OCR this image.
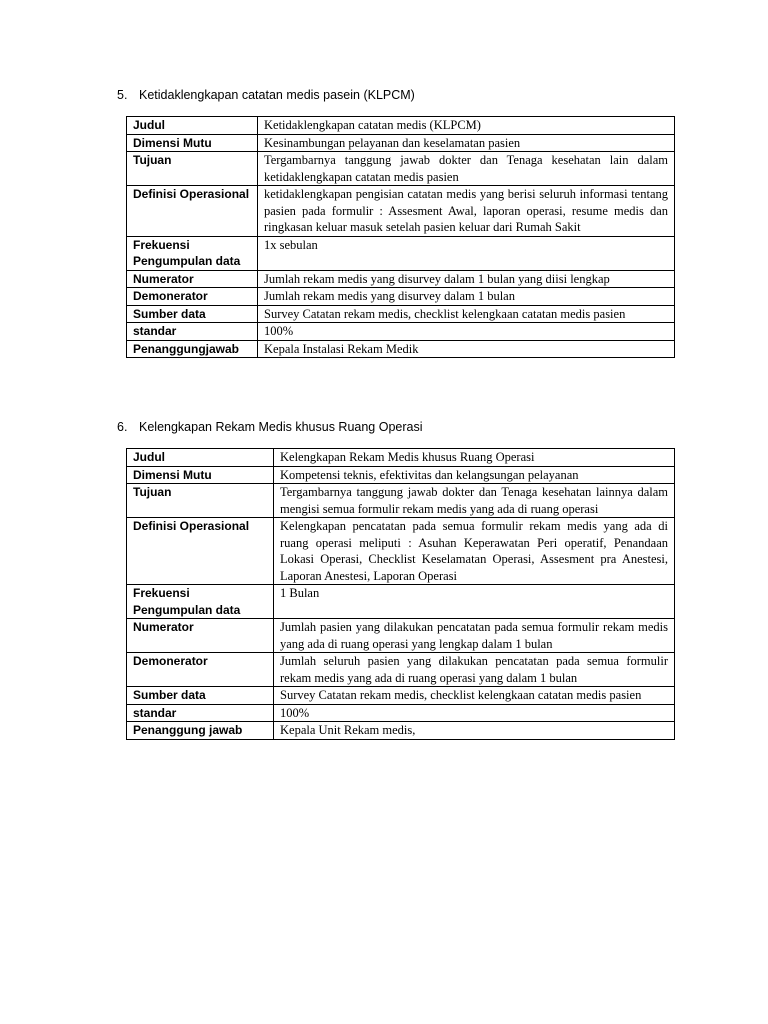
5. Ketidaklengkapan catatan medis pasein (KLPCM)
Judul	Ketidaklengkapan catatan medis (KLPCM)
Dimensi Mutu	Kesinambungan pelayanan dan keselamatan pasien
Tujuan	Tergambarnya tanggung jawab dokter dan Tenaga kesehatan lain dalam ketidaklengkapan catatan medis pasien
Definisi Operasional	ketidaklengkapan pengisian catatan medis yang berisi seluruh informasi tentang pasien pada formulir : Assesment Awal, laporan operasi, resume medis dan ringkasan keluar masuk setelah pasien keluar dari Rumah Sakit
Frekuensi Pengumpulan data	1x sebulan
Numerator	Jumlah rekam medis yang disurvey dalam 1 bulan yang diisi lengkap
Demonerator	Jumlah rekam medis yang disurvey dalam 1 bulan
Sumber data	Survey Catatan rekam medis, checklist kelengkaan catatan medis pasien
standar	100%
Penanggungjawab	Kepala Instalasi Rekam Medik
6. Kelengkapan Rekam Medis khusus Ruang Operasi
Judul	Kelengkapan Rekam Medis khusus Ruang Operasi
Dimensi Mutu	Kompetensi teknis, efektivitas dan kelangsungan pelayanan
Tujuan	Tergambarnya tanggung jawab dokter dan Tenaga kesehatan lainnya dalam mengisi semua formulir rekam medis yang ada di ruang operasi
Definisi Operasional	Kelengkapan pencatatan pada semua formulir rekam medis yang ada di ruang operasi meliputi : Asuhan Keperawatan Peri operatif, Penandaan Lokasi Operasi, Checklist Keselamatan Operasi, Assesment pra Anestesi, Laporan Anestesi, Laporan Operasi
Frekuensi Pengumpulan data	1 Bulan
Numerator	Jumlah pasien yang dilakukan pencatatan pada semua formulir rekam medis yang ada di ruang operasi yang lengkap dalam 1 bulan
Demonerator	Jumlah seluruh pasien yang dilakukan pencatatan pada semua formulir rekam medis yang ada di ruang operasi yang dalam 1 bulan
Sumber data	Survey Catatan rekam medis, checklist kelengkaan catatan medis pasien
standar	100%
Penanggung jawab	Kepala Unit Rekam medis,
